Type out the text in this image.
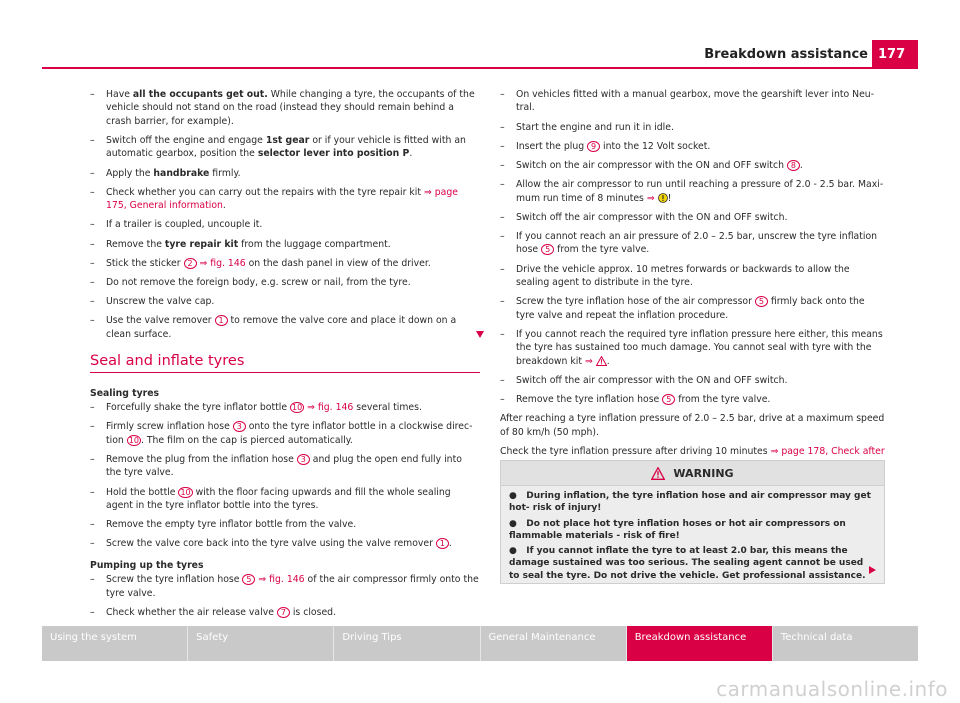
Breakdown assistance 177
– Have all the occupants get out. While changing a tyre, the occupants of the vehicle should not stand on the road (instead they should remain behind a crash barrier, for example).
– Switch off the engine and engage 1st gear or if your vehicle is fitted with an automatic gearbox, position the selector lever into position P.
– Apply the handbrake firmly.
– Check whether you can carry out the repairs with the tyre repair kit ⇒ page 175, General information.
– If a trailer is coupled, uncouple it.
– Remove the tyre repair kit from the luggage compartment.
– Stick the sticker 2 ⇒ fig. 146 on the dash panel in view of the driver.
– Do not remove the foreign body, e.g. screw or nail, from the tyre.
– Unscrew the valve cap.
– Use the valve remover 1 to remove the valve core and place it down on a clean surface.
Seal and inflate tyres
Sealing tyres
– Forcefully shake the tyre inflator bottle 10 ⇒ fig. 146 several times.
– Firmly screw inflation hose 3 onto the tyre inflator bottle in a clockwise direction 10 . The film on the cap is pierced automatically.
– Remove the plug from the inflation hose 3 and plug the open end fully into the tyre valve.
– Hold the bottle 10 with the floor facing upwards and fill the whole sealing agent in the tyre inflator bottle into the tyres.
– Remove the empty tyre inflator bottle from the valve.
– Screw the valve core back into the tyre valve using the valve remover 1 .
Pumping up the tyres
– Screw the tyre inflation hose 5 ⇒ fig. 146 of the air compressor firmly onto the tyre valve.
– Check whether the air release valve 7 is closed.
– On vehicles fitted with a manual gearbox, move the gearshift lever into Neutral.
– Start the engine and run it in idle.
– Insert the plug 9 into the 12 Volt socket.
– Switch on the air compressor with the ON and OFF switch 8 .
– Allow the air compressor to run until reaching a pressure of 2.0 - 2.5 bar. Maximum run time of 8 minutes ⇒ !
– Switch off the air compressor with the ON and OFF switch.
– If you cannot reach an air pressure of 2.0 – 2.5 bar, unscrew the tyre inflation hose 5 from the tyre valve.
– Drive the vehicle approx. 10 metres forwards or backwards to allow the sealing agent to distribute in the tyre.
– Screw the tyre inflation hose of the air compressor 5 firmly back onto the tyre valve and repeat the inflation procedure.
– If you cannot reach the required tyre inflation pressure here either, this means the tyre has sustained too much damage. You cannot seal with tyre with the breakdown kit ⇒ .
– Switch off the air compressor with the ON and OFF switch.
– Remove the tyre inflation hose 5 from the tyre valve.
After reaching a tyre inflation pressure of 2.0 – 2.5 bar, drive at a maximum speed of 80 km/h (50 mph).
Check the tyre inflation pressure after driving 10 minutes ⇒ page 178, Check after
WARNING
●   During inflation, the tyre inflation hose and air compressor may get hot- risk of injury!
●   Do not place hot tyre inflation hoses or hot air compressors on flammable materials - risk of fire!
●   If you cannot inflate the tyre to at least 2.0 bar, this means the damage sustained was too serious. The sealing agent cannot be used to seal the tyre. Do not drive the vehicle. Get professional assistance.
Using the system	Safety	Driving Tips	General Maintenance	Breakdown assistance	Technical data
carmanualsonline.info
